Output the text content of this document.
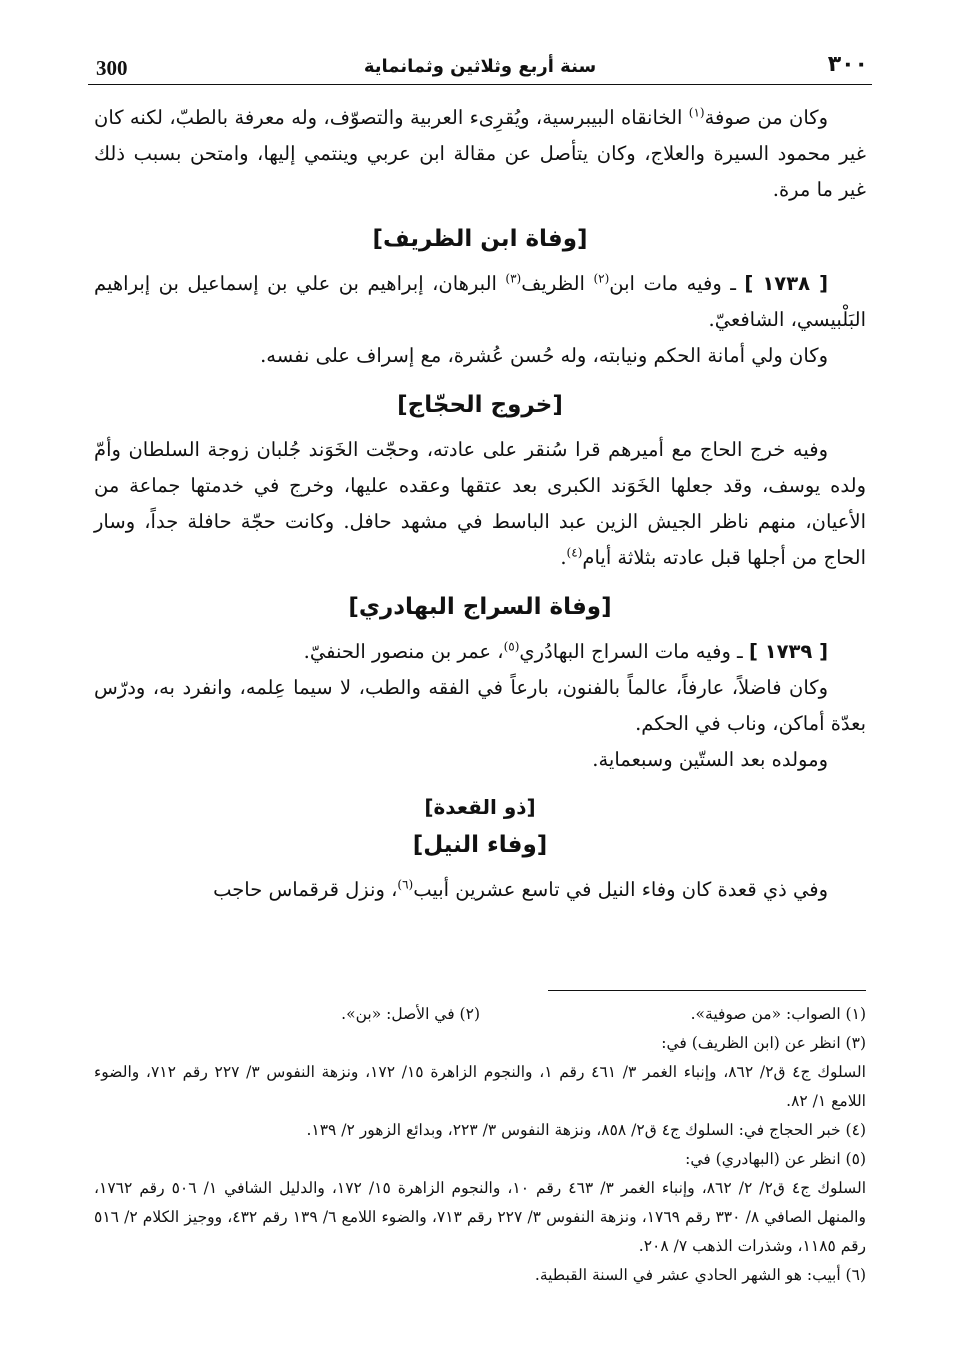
300	سنة أربع وثلاثين وثمانماية	٣٠٠

وكان من صوفة$^{(١)}$ الخانقاه البيبرسية، ويُقرِىء العربية والتصوّف، وله معرفة بالطبّ، لكنه كان غير محمود السيرة والعلاج، وكان يتأصل عن مقالة ابن عربي وينتمي إليها، وامتحن بسبب ذلك غير ما مرة.

[وفاة ابن الظريف]

[ ١٧٣٨ ] ـ وفيه مات ابن$^{(٢)}$ الظريف$^{(٣)}$ البرهان، إبراهيم بن علي بن إسماعيل بن إبراهيم البَلْبيسي، الشافعيّ.

وكان ولي أمانة الحكم ونيابته، وله حُسن عُشرة، مع إسراف على نفسه.

[خروج الحجّاج]

وفيه خرج الحاج مع أميرهم قرا سُنقر على عادته، وحجّت الخَوَند جُلبان زوجة السلطان وأمّ ولده يوسف، وقد جعلها الخَوَند الكبرى بعد عتقها وعقده عليها، وخرج في خدمتها جماعة من الأعيان، منهم ناظر الجيش الزين عبد الباسط في مشهد حافل. وكانت حجّة حافلة جداً، وسار الحاج من أجلها قبل عادته بثلاثة أيام$^{(٤)}$.

[وفاة السراج البهادري]

[ ١٧٣٩ ] ـ وفيه مات السراج البهادُري$^{(٥)}$، عمر بن منصور الحنفيّ.

وكان فاضلاً، عارفاً، عالماً بالفنون، بارعاً في الفقه والطب، لا سيما عِلمه، وانفرد به، ودرّس بعدّة أماكن، وناب في الحكم.

ومولده بعد الستّين وسبعماية.

[ذو القعدة]
[وفاء النيل]

وفي ذي قعدة كان وفاء النيل في تاسع عشرين أبيب$^{(٦)}$، ونزل قرقماس حاجب

(١) الصواب: «من صوفية».
(٢) في الأصل: «بن».

(٣) انظر عن (ابن الظريف) في:

السلوك ج٤ ق٢/ ٨٦٢، وإنباء الغمر ٣/ ٤٦١ رقم ١، والنجوم الزاهرة ١٥/ ١٧٢، ونزهة النفوس ٣/ ٢٢٧ رقم ٧١٢، والضوء اللامع ١/ ٨٢.

(٤) خبر الحجاج في: السلوك ج٤ ق٢/ ٨٥٨، ونزهة النفوس ٣/ ٢٢٣، وبدائع الزهور ٢/ ١٣٩.

(٥) انظر عن (البهادري) في:

السلوك ج٤ ق٢/ ٢/ ٨٦٢، وإنباء الغمر ٣/ ٤٦٣ رقم ١٠، والنجوم الزاهرة ١٥/ ١٧٢، والدليل الشافي ١/ ٥٠٦ رقم ١٧٦٢، والمنهل الصافي ٨/ ٣٣٠ رقم ١٧٦٩، ونزهة النفوس ٣/ ٢٢٧ رقم ٧١٣، والضوء اللامع ٦/ ١٣٩ رقم ٤٣٢، ووجيز الكلام ٢/ ٥١٦ رقم ١١٨٥، وشذرات الذهب ٧/ ٢٠٨.

(٦) أبيب: هو الشهر الحادي عشر في السنة القبطية.
